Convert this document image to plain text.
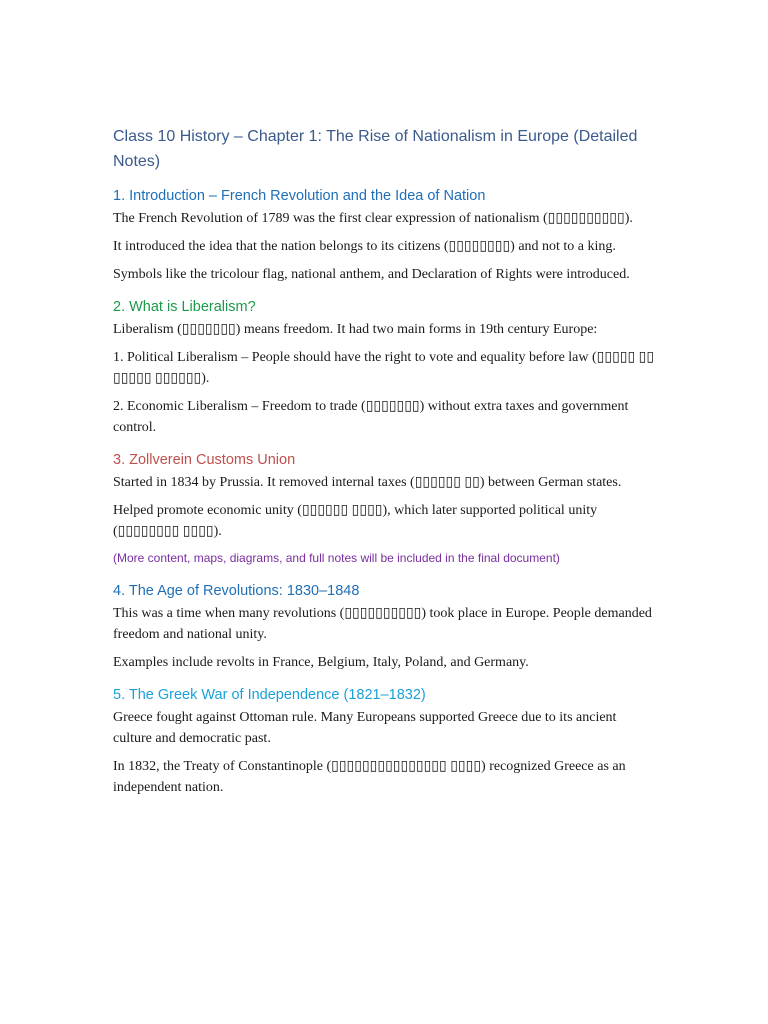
Class 10 History – Chapter 1: The Rise of Nationalism in Europe (Detailed Notes)
1. Introduction – French Revolution and the Idea of Nation

The French Revolution of 1789 was the first clear expression of nationalism (▯▯▯▯▯▯▯▯▯▯).

It introduced the idea that the nation belongs to its citizens (▯▯▯▯▯▯▯▯) and not to a king.

Symbols like the tricolour flag, national anthem, and Declaration of Rights were introduced.

2. What is Liberalism?

Liberalism (▯▯▯▯▯▯▯) means freedom. It had two main forms in 19th century Europe:

1. Political Liberalism – People should have the right to vote and equality before law (▯▯▯▯▯ ▯▯ ▯▯▯▯▯ ▯▯▯▯▯▯).

2. Economic Liberalism – Freedom to trade (▯▯▯▯▯▯▯) without extra taxes and government control.

3. Zollverein Customs Union

Started in 1834 by Prussia. It removed internal taxes (▯▯▯▯▯▯ ▯▯) between German states.

Helped promote economic unity (▯▯▯▯▯▯ ▯▯▯▯), which later supported political unity (▯▯▯▯▯▯▯▯ ▯▯▯▯).

(More content, maps, diagrams, and full notes will be included in the final document)

4. The Age of Revolutions: 1830–1848

This was a time when many revolutions (▯▯▯▯▯▯▯▯▯▯) took place in Europe. People demanded freedom and national unity.

Examples include revolts in France, Belgium, Italy, Poland, and Germany.

5. The Greek War of Independence (1821–1832)

Greece fought against Ottoman rule. Many Europeans supported Greece due to its ancient culture and democratic past.

In 1832, the Treaty of Constantinople (▯▯▯▯▯▯▯▯▯▯▯▯▯▯▯ ▯▯▯▯) recognized Greece as an independent nation.
